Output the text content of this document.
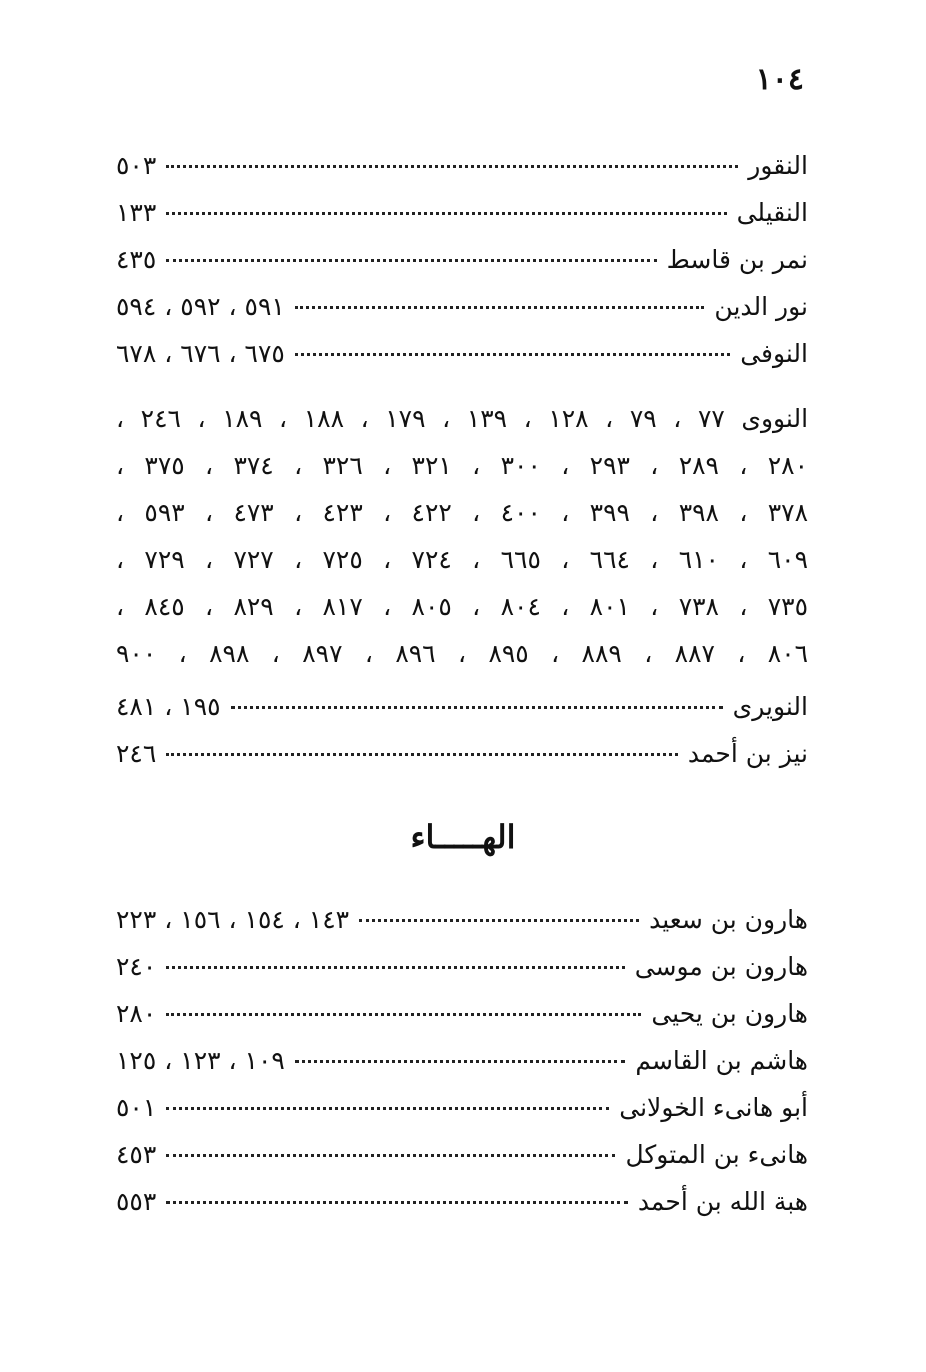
١٠٤
النقور
٥٠٣
النقيلى
١٣٣
نمر بن قاسط
٤٣٥
نور الدين
٥٩١ ، ٥٩٢ ، ٥٩٤
النوفى
٦٧٥ ، ٦٧٦ ، ٦٧٨
النووى ٧٧ ، ٧٩ ، ١٢٨ ، ١٣٩ ، ١٧٩ ، ١٨٨ ، ١٨٩ ، ٢٤٦ ،
٢٨٠ ، ٢٨٩ ، ٢٩٣ ، ٣٠٠ ، ٣٢١ ، ٣٢٦ ، ٣٧٤ ، ٣٧٥ ،
٣٧٨ ، ٣٩٨ ، ٣٩٩ ، ٤٠٠ ، ٤٢٢ ، ٤٢٣ ، ٤٧٣ ، ٥٩٣ ،
٦٠٩ ، ٦١٠ ، ٦٦٤ ، ٦٦٥ ، ٧٢٤ ، ٧٢٥ ، ٧٢٧ ، ٧٢٩ ،
٧٣٥ ، ٧٣٨ ، ٨٠١ ، ٨٠٤ ، ٨٠٥ ، ٨١٧ ، ٨٢٩ ، ٨٤٥ ،
٨٠٦ ، ٨٨٧ ، ٨٨٩ ، ٨٩٥ ، ٨٩٦ ، ٨٩٧ ، ٨٩٨ ، ٩٠٠
النويرى
١٩٥ ، ٤٨١
نيز بن أحمد
٢٤٦
الهـــــاء
هارون بن سعيد
١٤٣ ، ١٥٤ ، ١٥٦ ، ٢٢٣
هارون بن موسى
٢٤٠
هارون بن يحيى
٢٨٠
هاشم بن القاسم
١٠٩ ، ١٢٣ ، ١٢٥
أبو هانىء الخولانى
٥٠١
هانىء بن المتوكل
٤٥٣
هبة الله بن أحمد
٥٥٣
